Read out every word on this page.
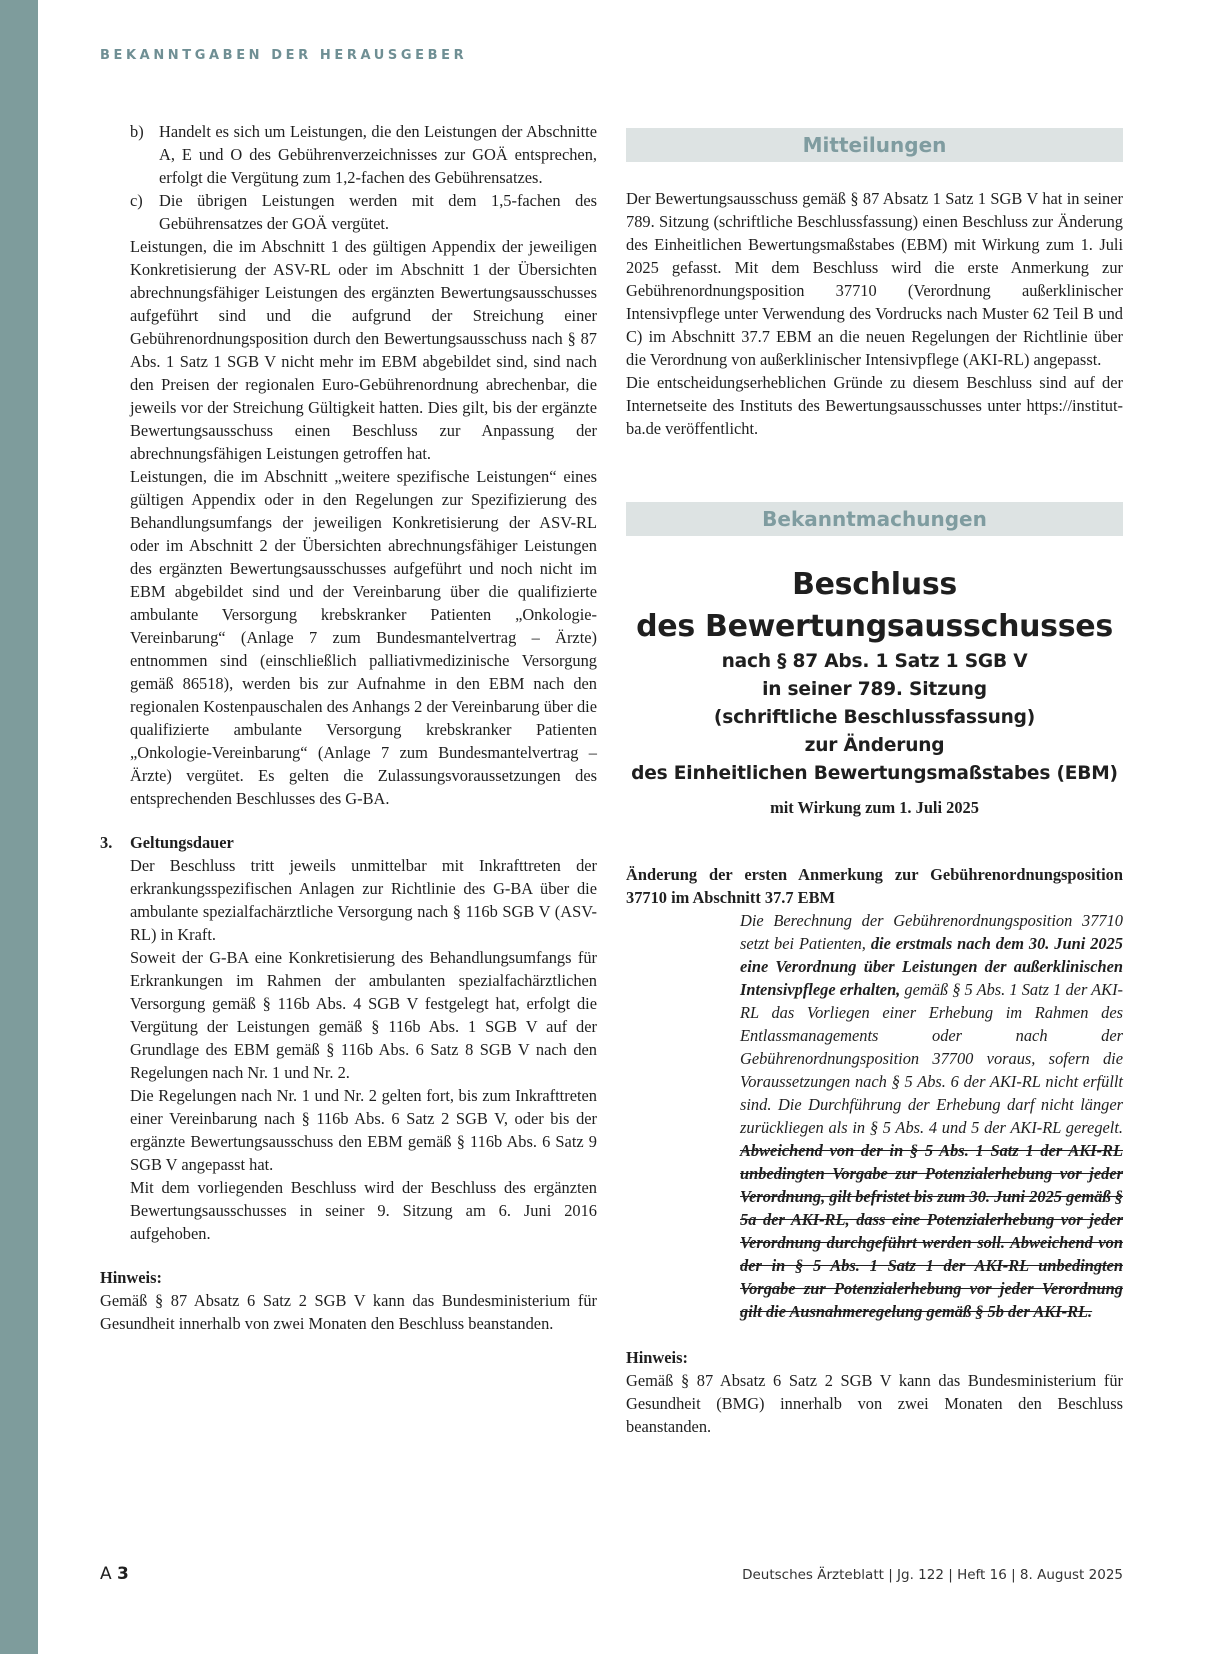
BEKANNTGABEN DER HERAUSGEBER
b) Handelt es sich um Leistungen, die den Leistungen der Abschnitte A, E und O des Gebührenverzeichnisses zur GOÄ entsprechen, erfolgt die Vergütung zum 1,2-fachen des Gebührensatzes.

c) Die übrigen Leistungen werden mit dem 1,5-fachen des Gebührensatzes der GOÄ vergütet.

Leistungen, die im Abschnitt 1 des gültigen Appendix der jeweiligen Konkretisierung der ASV-RL oder im Abschnitt 1 der Übersichten abrechnungsfähiger Leistungen des ergänzten Bewertungsausschusses aufgeführt sind und die aufgrund der Streichung einer Gebührenordnungsposition durch den Bewertungsausschuss nach § 87 Abs. 1 Satz 1 SGB V nicht mehr im EBM abgebildet sind, sind nach den Preisen der regionalen Euro-Gebührenordnung abrechenbar, die jeweils vor der Streichung Gültigkeit hatten. Dies gilt, bis der ergänzte Bewertungsausschuss einen Beschluss zur Anpassung der abrechnungsfähigen Leistungen getroffen hat.

Leistungen, die im Abschnitt „weitere spezifische Leistungen“ eines gültigen Appendix oder in den Regelungen zur Spezifizierung des Behandlungsumfangs der jeweiligen Konkretisierung der ASV-RL oder im Abschnitt 2 der Übersichten abrechnungsfähiger Leistungen des ergänzten Bewertungsausschusses aufgeführt und noch nicht im EBM abgebildet sind und der Vereinbarung über die qualifizierte ambulante Versorgung krebskranker Patienten „Onkologie-Vereinbarung“ (Anlage 7 zum Bundesmantelvertrag – Ärzte) entnommen sind (einschließlich palliativmedizinische Versorgung gemäß 86518), werden bis zur Aufnahme in den EBM nach den regionalen Kostenpauschalen des Anhangs 2 der Vereinbarung über die qualifizierte ambulante Versorgung krebskranker Patienten „Onkologie-Vereinbarung“ (Anlage 7 zum Bundesmantelvertrag – Ärzte) vergütet. Es gelten die Zulassungsvoraussetzungen des entsprechenden Beschlusses des G-BA.

3. Geltungsdauer

Der Beschluss tritt jeweils unmittelbar mit Inkrafttreten der erkrankungsspezifischen Anlagen zur Richtlinie des G-BA über die ambulante spezialfachärztliche Versorgung nach § 116b SGB V (ASV-RL) in Kraft.

Soweit der G-BA eine Konkretisierung des Behandlungsumfangs für Erkrankungen im Rahmen der ambulanten spezialfachärztlichen Versorgung gemäß § 116b Abs. 4 SGB V festgelegt hat, erfolgt die Vergütung der Leistungen gemäß § 116b Abs. 1 SGB V auf der Grundlage des EBM gemäß § 116b Abs. 6 Satz 8 SGB V nach den Regelungen nach Nr. 1 und Nr. 2.

Die Regelungen nach Nr. 1 und Nr. 2 gelten fort, bis zum Inkrafttreten einer Vereinbarung nach § 116b Abs. 6 Satz 2 SGB V, oder bis der ergänzte Bewertungsausschuss den EBM gemäß § 116b Abs. 6 Satz 9 SGB V angepasst hat.

Mit dem vorliegenden Beschluss wird der Beschluss des ergänzten Bewertungsausschusses in seiner 9. Sitzung am 6. Juni 2016 aufgehoben.

Hinweis:

Gemäß § 87 Absatz 6 Satz 2 SGB V kann das Bundesministerium für Gesundheit innerhalb von zwei Monaten den Beschluss beanstanden.

Mitteilungen

Der Bewertungsausschuss gemäß § 87 Absatz 1 Satz 1 SGB V hat in seiner 789. Sitzung (schriftliche Beschlussfassung) einen Beschluss zur Änderung des Einheitlichen Bewertungsmaßstabes (EBM) mit Wirkung zum 1. Juli 2025 gefasst. Mit dem Beschluss wird die erste Anmerkung zur Gebührenordnungsposition 37710 (Verordnung außerklinischer Intensivpflege unter Verwendung des Vordrucks nach Muster 62 Teil B und C) im Abschnitt 37.7 EBM an die neuen Regelungen der Richtlinie über die Verordnung von außerklinischer Intensivpflege (AKI-RL) angepasst.

Die entscheidungserheblichen Gründe zu diesem Beschluss sind auf der Internetseite des Instituts des Bewertungsausschusses unter https://institut-ba.de veröffentlicht.

Bekanntmachungen
Beschluss
des Bewertungsausschusses
nach § 87 Abs. 1 Satz 1 SGB V
in seiner 789. Sitzung
(schriftliche Beschlussfassung)
zur Änderung
des Einheitlichen Bewertungsmaßstabes (EBM)
mit Wirkung zum 1. Juli 2025
Änderung der ersten Anmerkung zur Gebührenordnungsposition 37710 im Abschnitt 37.7 EBM

Die Berechnung der Gebührenordnungsposition 37710 setzt bei Patienten, die erstmals nach dem 30. Juni 2025 eine Verordnung über Leistungen der außerklinischen Intensivpflege erhalten, gemäß § 5 Abs. 1 Satz 1 der AKI-RL das Vorliegen einer Erhebung im Rahmen des Entlassmanagements oder nach der Gebührenordnungsposition 37700 voraus, sofern die Voraussetzungen nach § 5 Abs. 6 der AKI-RL nicht erfüllt sind. Die Durchführung der Erhebung darf nicht länger zurückliegen als in § 5 Abs. 4 und 5 der AKI-RL geregelt. Abweichend von der in § 5 Abs. 1 Satz 1 der AKI-RL unbedingten Vorgabe zur Potenzialerhebung vor jeder Verordnung, gilt befristet bis zum 30. Juni 2025 gemäß § 5a der AKI-RL, dass eine Potenzialerhebung vor jeder Verordnung durchgeführt werden soll. Abweichend von der in § 5 Abs. 1 Satz 1 der AKI-RL unbedingten Vorgabe zur Potenzialerhebung vor jeder Verordnung gilt die Ausnahmeregelung gemäß § 5b der AKI-RL.

Hinweis:

Gemäß § 87 Absatz 6 Satz 2 SGB V kann das Bundesministerium für Gesundheit (BMG) innerhalb von zwei Monaten den Beschluss beanstanden.

A 3	Deutsches Ärzteblatt | Jg. 122 | Heft 16 | 8. August 2025
